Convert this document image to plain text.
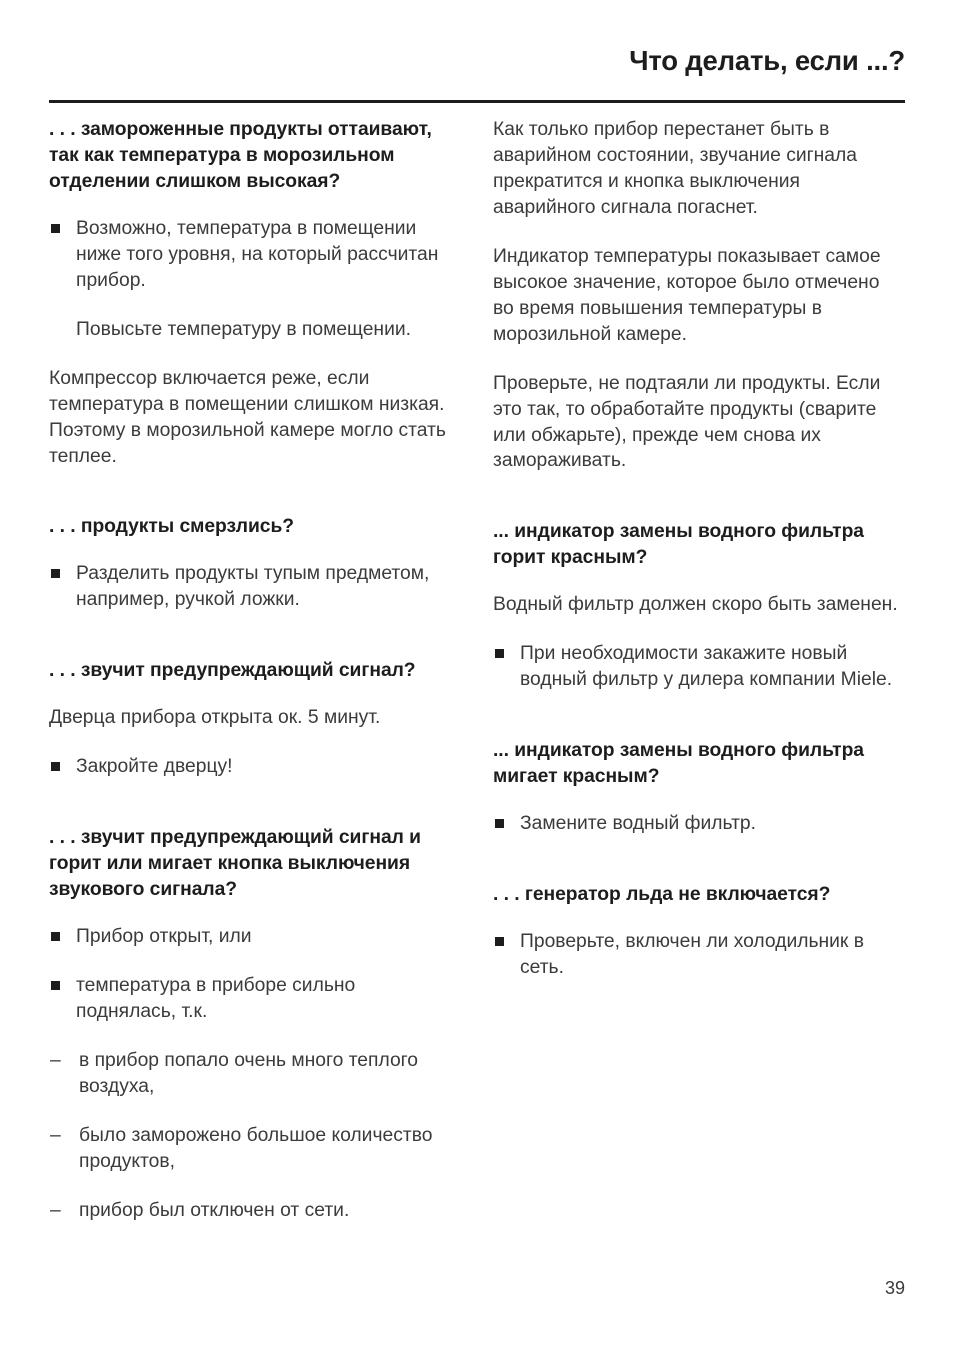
Что делать, если ...?

. . . замороженные продукты оттаивают, так как температура в морозильном отделении слишком высокая?

Возможно, температура в помещении ниже того уровня, на который рассчитан прибор.

Повысьте температуру в помещении.

Компрессор включается реже, если температура в помещении слишком низкая. Поэтому в морозильной камере могло стать теплее.

. . . продукты смерзлись?

Разделить продукты тупым предметом, например, ручкой ложки.

. . . звучит предупреждающий сигнал?

Дверца прибора открыта ок. 5 минут.

Закройте дверцу!

. . . звучит предупреждающий сигнал и горит или мигает кнопка выключения звукового сигнала?

Прибор открыт, или
температура в приборе сильно поднялась, т.к.
– в прибор попало очень много теплого воздуха,
– было заморожено большое количество продуктов,
– прибор был отключен от сети.

Как только прибор перестанет быть в аварийном состоянии, звучание сигнала прекратится и кнопка выключения аварийного сигнала погаснет.

Индикатор температуры показывает самое высокое значение, которое было отмечено во время повышения температуры в морозильной камере.

Проверьте, не подтаяли ли продукты. Если это так, то обработайте продукты (сварите или обжарьте), прежде чем снова их замораживать.

... индикатор замены водного фильтра горит красным?

Водный фильтр должен скоро быть заменен.

При необходимости закажите новый водный фильтр у дилера компании Miele.

... индикатор замены водного фильтра мигает красным?

Замените водный фильтр.

. . . генератор льда не включается?

Проверьте, включен ли холодильник в сеть.

39
